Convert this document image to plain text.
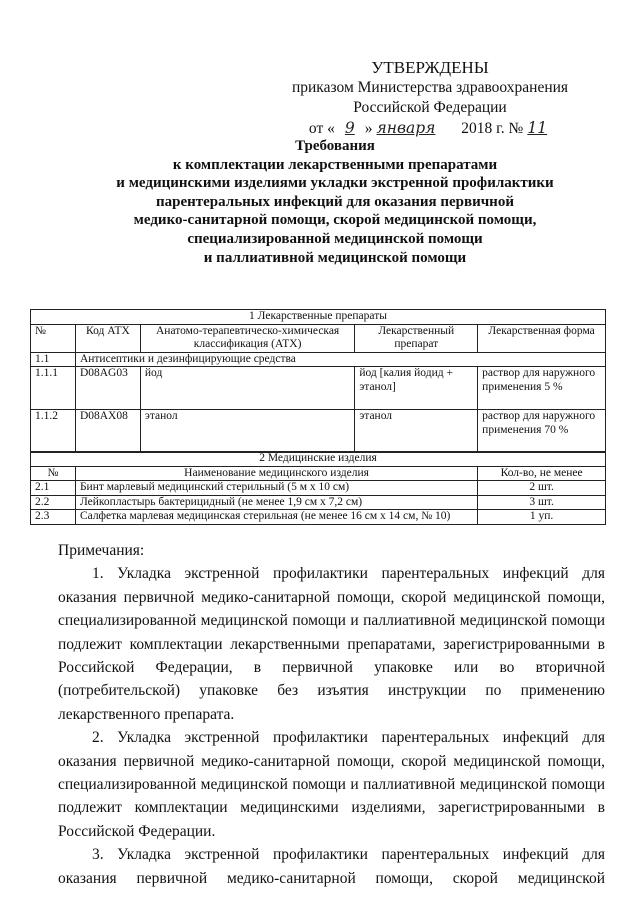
УТВЕРЖДЕНЫ
приказом Министерства здравоохранения
Российской Федерации
от « 9 » января 2018 г. № 11
Требования
к комплектации лекарственными препаратами
и медицинскими изделиями укладки экстренной профилактики
парентеральных инфекций для оказания первичной
медико-санитарной помощи, скорой медицинской помощи,
специализированной медицинской помощи
и паллиативной медицинской помощи
1 Лекарственные препараты				
№	Код АТХ	Анатомо-терапевтическо-химическая классификация (АТХ)	Лекарственный препарат	Лекарственная форма
1.1	Антисептики и дезинфицирующие средства			
1.1.1	D08AG03	йод	йод [калия йодид + этанол]	раствор для наружного применения 5 %
1.1.2	D08AX08	этанол	этанол	раствор для наружного применения 70 %
2 Медицинские изделия		
№	Наименование медицинского изделия	Кол-во, не менее
2.1	Бинт марлевый медицинский стерильный (5 м x 10 см)	2 шт.
2.2	Лейкопластырь бактерицидный (не менее 1,9 см x 7,2 см)	3 шт.
2.3	Салфетка марлевая медицинская стерильная (не менее 16 см x 14 см, № 10)	1 уп.

Примечания:

1. Укладка экстренной профилактики парентеральных инфекций для оказания первичной медико-санитарной помощи, скорой медицинской помощи, специализированной медицинской помощи и паллиативной медицинской помощи подлежит комплектации лекарственными препаратами, зарегистрированными в Российской Федерации, в первичной упаковке или во вторичной (потребительской) упаковке без изъятия инструкции по применению лекарственного препарата.

2. Укладка экстренной профилактики парентеральных инфекций для оказания первичной медико-санитарной помощи, скорой медицинской помощи, специализированной медицинской помощи и паллиативной медицинской помощи подлежит комплектации медицинскими изделиями, зарегистрированными в Российской Федерации.

3. Укладка экстренной профилактики парентеральных инфекций для оказания первичной медико-санитарной помощи, скорой медицинской
